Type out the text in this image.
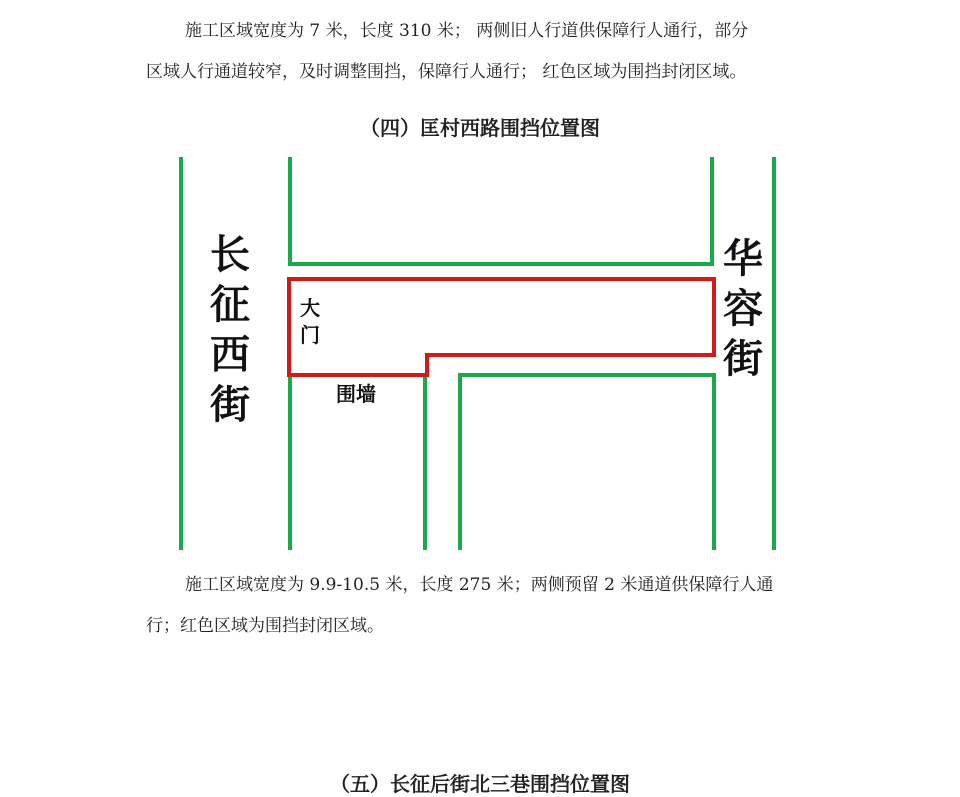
施工区域宽度为 7 米，长度 310 米； 两侧旧人行道供保障行人通行，部分
区域人行通道较窄，及时调整围挡，保障行人通行； 红色区域为围挡封闭区域。
（四）匡村西路围挡位置图
长
征
西
街
华
容
街
大
门
围墙
施工区域宽度为 9.9-10.5 米，长度 275 米；两侧预留 2 米通道供保障行人通
行；红色区域为围挡封闭区域。
（五）长征后街北三巷围挡位置图
